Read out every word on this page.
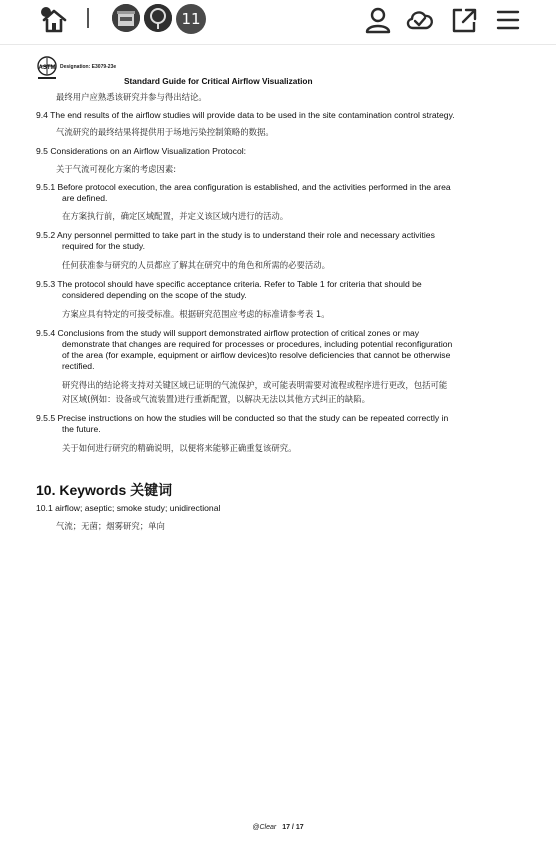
11
ASTM Designation: E3079-23e
Standard Guide for Critical Airflow Visualization
最终用户应熟悉该研究并参与得出结论。
9.4 The end results of the airflow studies will provide data to be used in the site contamination control strategy.
气流研究的最终结果将提供用于场地污染控制策略的数据。
9.5 Considerations on an Airflow Visualization Protocol:
关于气流可视化方案的考虑因素:
9.5.1 Before protocol execution, the area configuration is established, and the activities performed in the area
are defined.
在方案执行前，确定区域配置，并定义该区域内进行的活动。
9.5.2 Any personnel permitted to take part in the study is to understand their role and necessary activities
required for the study.
任何获准参与研究的人员都应了解其在研究中的角色和所需的必要活动。
9.5.3 The protocol should have specific acceptance criteria. Refer to Table 1 for criteria that should be
considered depending on the scope of the study.
方案应具有特定的可接受标准。根据研究范围应考虑的标准请参考表 1。
9.5.4 Conclusions from the study will support demonstrated airflow protection of critical zones or may
demonstrate that changes are required for processes or procedures, including potential reconfiguration
of the area (for example, equipment or airflow devices)to resolve deficiencies that cannot be otherwise
rectified.
研究得出的结论将支持对关键区域已证明的气流保护，或可能表明需要对流程或程序进行更改，包括可能
对区域(例如：设备或气流装置)进行重新配置，以解决无法以其他方式纠正的缺陷。
9.5.5 Precise instructions on how the studies will be conducted so that the study can be repeated correctly in
the future.
关于如何进行研究的精确说明，以便将来能够正确重复该研究。
10. Keywords 关键词
10.1 airflow; aseptic; smoke study; unidirectional
气流；无菌；烟雾研究；单向
@Clear 17 / 17
